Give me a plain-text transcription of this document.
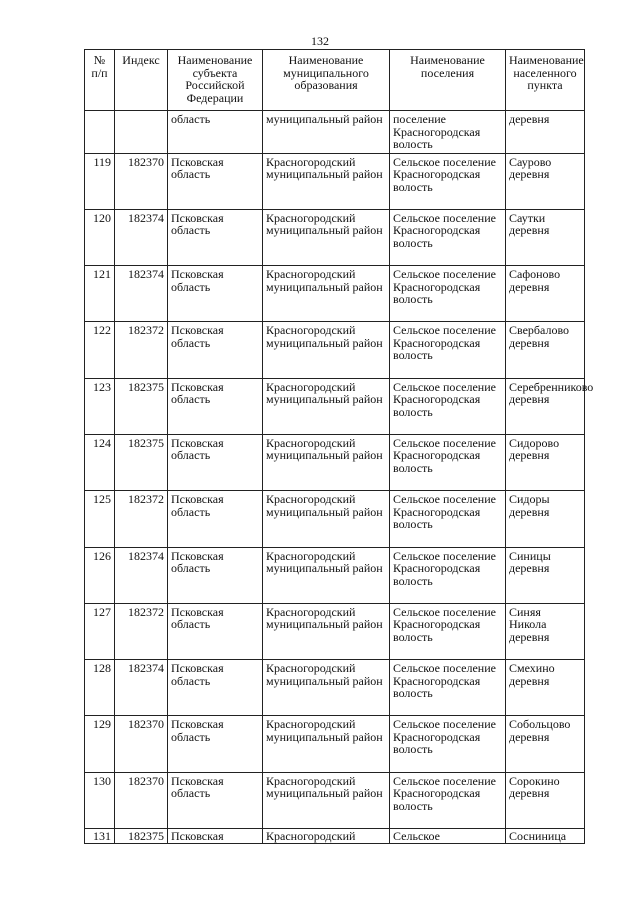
132
№ п/п	Индекс	Наименование субъекта Российской Федерации	Наименование муниципального образования	Наименование поселения	Наименование населенного пункта
		область	муниципальный район	поселение Красногородская волость	деревня
119	182370	Псковская область	Красногородский муниципальный район	Сельское поселение Красногородская волость	Саурово деревня
120	182374	Псковская область	Красногородский муниципальный район	Сельское поселение Красногородская волость	Саутки деревня
121	182374	Псковская область	Красногородский муниципальный район	Сельское поселение Красногородская волость	Сафоново деревня
122	182372	Псковская область	Красногородский муниципальный район	Сельское поселение Красногородская волость	Свербалово деревня
123	182375	Псковская область	Красногородский муниципальный район	Сельское поселение Красногородская волость	Серебренниково деревня
124	182375	Псковская область	Красногородский муниципальный район	Сельское поселение Красногородская волость	Сидорово деревня
125	182372	Псковская область	Красногородский муниципальный район	Сельское поселение Красногородская волость	Сидоры деревня
126	182374	Псковская область	Красногородский муниципальный район	Сельское поселение Красногородская волость	Синицы деревня
127	182372	Псковская область	Красногородский муниципальный район	Сельское поселение Красногородская волость	Синяя Никола деревня
128	182374	Псковская область	Красногородский муниципальный район	Сельское поселение Красногородская волость	Смехино деревня
129	182370	Псковская область	Красногородский муниципальный район	Сельское поселение Красногородская волость	Собольцово деревня
130	182370	Псковская область	Красногородский муниципальный район	Сельское поселение Красногородская волость	Сорокино деревня
131	182375	Псковская	Красногородский	Сельское	Сосниница
